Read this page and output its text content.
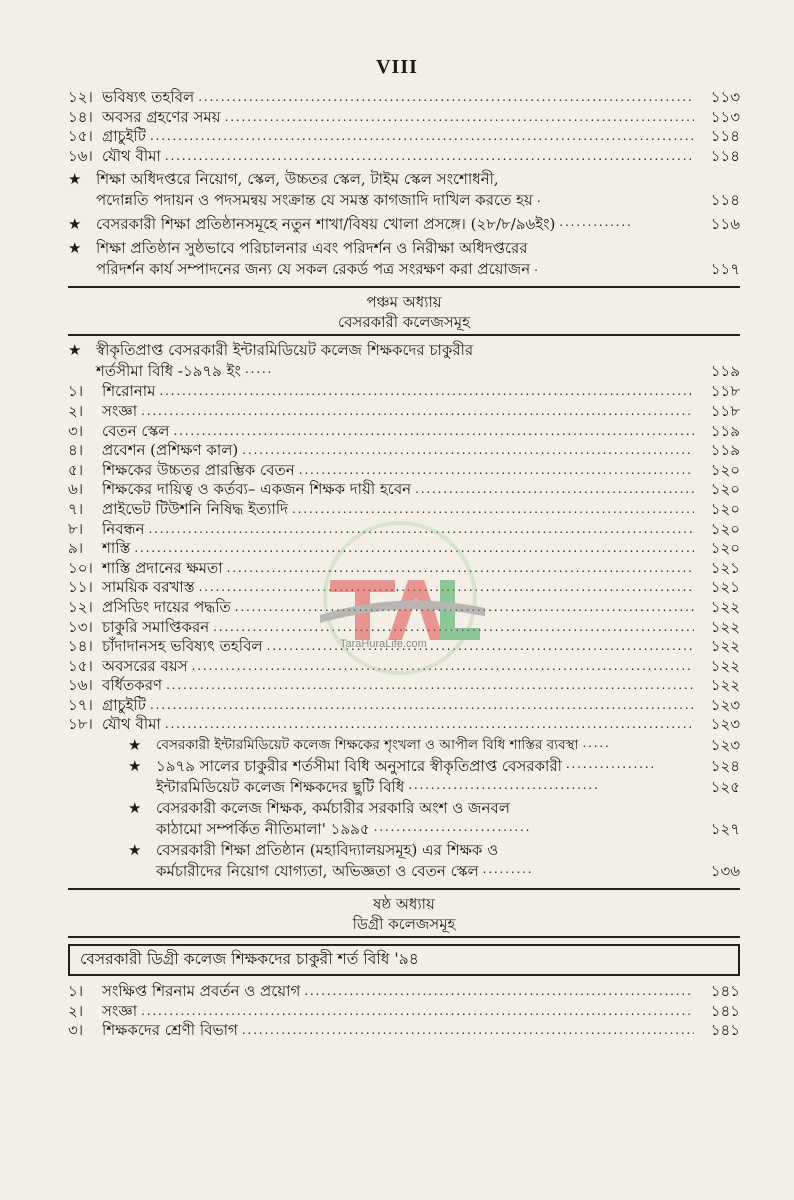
VIII
১২। ভবিষ্যৎ তহবিল . . .	১১৩
১৪। অবসর গ্রহণের সময় . . .	১১৩
১৫। গ্রাচুইটি . . .	১১৪
১৬। যৌথ বীমা . . .	১১৪
★ শিক্ষা অধিদপ্তরে নিয়োগ, স্কেল, উচ্চতর স্কেল, টাইম স্কেল সংশোধনী,
পদোন্নতি পদায়ন ও পদসমন্বয় সংক্রান্ত যে সমস্ত কাগজাদি দাখিল করতে হয় . . .	১১৪
★ বেসরকারী শিক্ষা প্রতিষ্ঠানসমূহে নতুন শাখা/বিষয় খোলা প্রসঙ্গে। (২৮/৮/৯৬ইং) . . .	১১৬
★ শিক্ষা প্রতিষ্ঠান সুষ্ঠভাবে পরিচালনার এবং পরিদর্শন ও নিরীক্ষা অধিদপ্তরের
পরিদর্শন কার্য সম্পাদনের জন্য যে সকল রেকর্ড পত্র সংরক্ষণ করা প্রয়োজন . . .	১১৭
পঞ্চম অধ্যায়
বেসরকারী কলেজসমূহ
★ স্বীকৃতিপ্রাপ্ত বেসরকারী ইন্টারমিডিয়েট কলেজ শিক্ষকদের চাকুরীর
শর্তসীমা বিধি -১৯৭৯ ইং . . .	১১৯
১।	শিরোনাম . . .	১১৮
২।	সংজ্ঞা . . .	১১৮
৩।	বেতন স্কেল . . .	১১৯
৪।	প্রবেশন (প্রশিক্ষণ কাল) . . .	১১৯
৫।	শিক্ষকের উচ্চতর প্রারম্ভিক বেতন . . .	১২০
৬।	শিক্ষকের দায়িত্ব ও কর্তব্য– একজন শিক্ষক দায়ী হবেন . . .	১২০
৭।	প্রাইভেট টিউশনি নিষিদ্ধ ইত্যাদি . . .	১২০
৮।	নিবন্ধন . . .	১২০
৯।	শাস্তি . . .	১২০
১০। শাস্তি প্রদানের ক্ষমতা . . .	১২১
১১। সাময়িক বরখাস্ত . . .	১২১
১২। প্রসিডিং দায়ের পদ্ধতি . . .	১২২
১৩। চাকুরি সমাপ্তিকরন . . .	১২২
১৪। চাঁদাদানসহ ভবিষ্যৎ তহবিল . . .	১২২
১৫। অবসরের বয়স . . .	১২২
১৬। বর্ধিতকরণ . . .	১২২
১৭। গ্রাচুইটি . . .	১২৩
১৮। যৌথ বীমা . . .	১২৩
★	বেসরকারী ইন্টারমিডিয়েট কলেজ শিক্ষকের শৃংখলা ও আপীল বিধি শাস্তির ব্যবস্থা . . .	১২৩
★ ১৯৭৯ সালের চাকুরীর শর্তসীমা বিধি অনুসারে স্বীকৃতিপ্রাপ্ত বেসরকারী . . .	১২৪
ইন্টারমিডিয়েট কলেজ শিক্ষকদের ছুটি বিধি . . .	১২৫
★ বেসরকারী কলেজ শিক্ষক, কর্মচারীর সরকারি অংশ ও জনবল
কাঠামো সম্পর্কিত নীতিমালা' ১৯৯৫ . . .	১২৭
★ বেসরকারী শিক্ষা প্রতিষ্ঠান (মহাবিদ্যালয়সমূহ) এর শিক্ষক ও
কর্মচারীদের নিয়োগ যোগ্যতা, অভিজ্ঞতা ও বেতন স্কেল . . .	১৩৬
ষষ্ঠ অধ্যায়
ডিগ্রী কলেজসমূহ
বেসরকারী ডিগ্রী কলেজ শিক্ষকদের চাকুরী শর্ত বিধি '৯৪
১।	সংক্ষিপ্ত শিরনাম প্রবর্তন ও প্রয়োগ . . .	১৪১
২।	সংজ্ঞা . . .	১৪১
৩।	শিক্ষকদের শ্রেণী বিভাগ . . .	১৪১
TaraHuraLife.com
